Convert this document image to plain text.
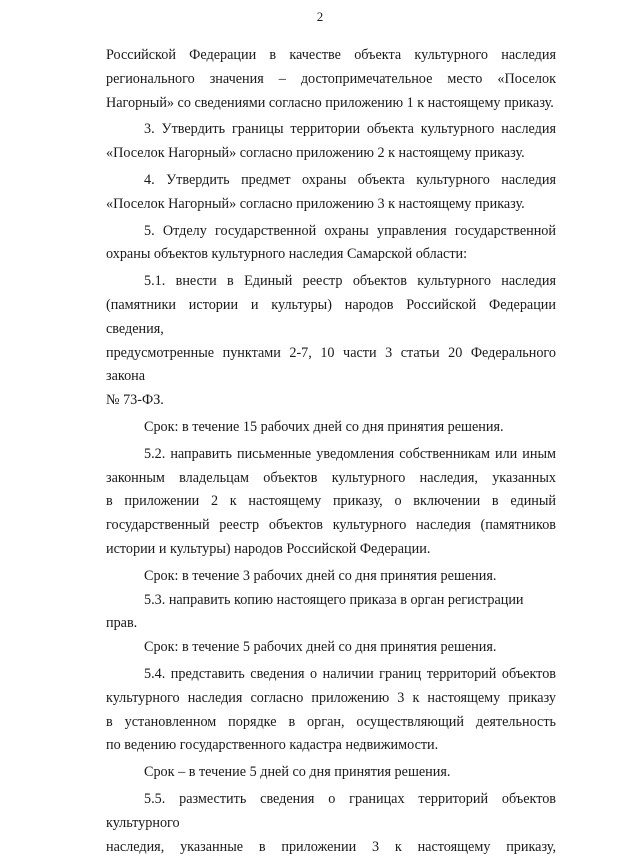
2
Российской Федерации в качестве объекта культурного наследия
регионального значения – достопримечательное место «Поселок
Нагорный» со сведениями согласно приложению 1 к настоящему приказу.
3. Утвердить границы территории объекта культурного наследия
«Поселок Нагорный» согласно приложению 2 к настоящему приказу.
4. Утвердить предмет охраны объекта культурного наследия
«Поселок Нагорный» согласно приложению 3 к настоящему приказу.
5. Отделу государственной охраны управления государственной
охраны объектов культурного наследия Самарской области:
5.1. внести в Единый реестр объектов культурного наследия
(памятники истории и культуры) народов Российской Федерации сведения,
предусмотренные пунктами 2-7, 10 части 3 статьи 20 Федерального закона
№ 73-ФЗ.
Срок: в течение 15 рабочих дней со дня принятия решения.
5.2. направить письменные уведомления собственникам или иным
законным владельцам объектов культурного наследия, указанных
в приложении 2 к настоящему приказу, о включении в единый
государственный реестр объектов культурного наследия (памятников
истории и культуры) народов Российской Федерации.
Срок: в течение 3 рабочих дней со дня принятия решения.
5.3. направить копию настоящего приказа в орган регистрации прав.
Срок: в течение 5 рабочих дней со дня принятия решения.
5.4. представить сведения о наличии границ территорий объектов
культурного наследия согласно приложению 3 к настоящему приказу
в установленном порядке в орган, осуществляющий деятельность
по ведению государственного кадастра недвижимости.
Срок – в течение 5 дней со дня принятия решения.
5.5. разместить сведения о границах территорий объектов культурного
наследия, указанные в приложении 3 к настоящему приказу,
